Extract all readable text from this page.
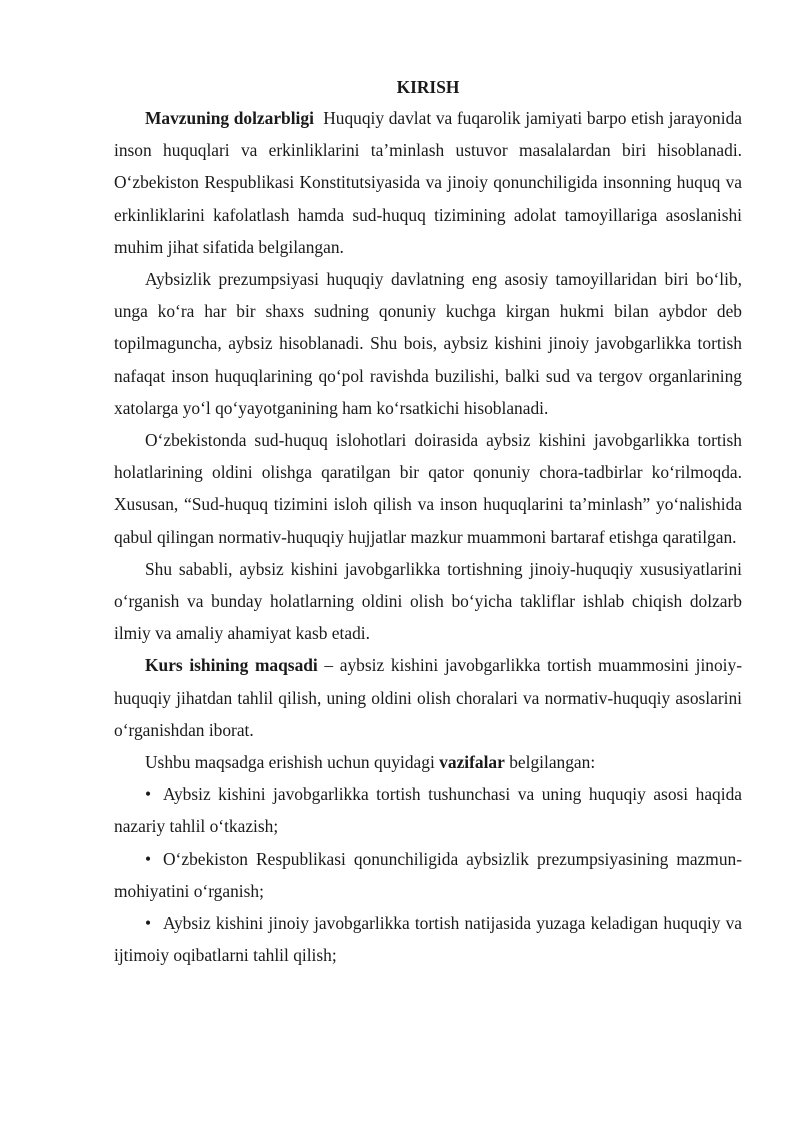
KIRISH

Mavzuning dolzarbligi Huquqiy davlat va fuqarolik jamiyati barpo etish jarayonida inson huquqlari va erkinliklarini ta’minlash ustuvor masalalardan biri hisoblanadi. O‘zbekiston Respublikasi Konstitutsiyasida va jinoiy qonunchiligida insonning huquq va erkinliklarini kafolatlash hamda sud-huquq tizimining adolat tamoyillariga asoslanishi muhim jihat sifatida belgilangan.

Aybsizlik prezumpsiyasi huquqiy davlatning eng asosiy tamoyillaridan biri bo‘lib, unga ko‘ra har bir shaxs sudning qonuniy kuchga kirgan hukmi bilan aybdor deb topilmaguncha, aybsiz hisoblanadi. Shu bois, aybsiz kishini jinoiy javobgarlikka tortish nafaqat inson huquqlarining qo‘pol ravishda buzilishi, balki sud va tergov organlarining xatolarga yo‘l qo‘yayotganining ham ko‘rsatkichi hisoblanadi.

O‘zbekistonda sud-huquq islohotlari doirasida aybsiz kishini javobgarlikka tortish holatlarining oldini olishga qaratilgan bir qator qonuniy chora-tadbirlar ko‘rilmoqda. Xususan, “Sud-huquq tizimini isloh qilish va inson huquqlarini ta’minlash” yo‘nalishida qabul qilingan normativ-huquqiy hujjatlar mazkur muammoni bartaraf etishga qaratilgan.

Shu sababli, aybsiz kishini javobgarlikka tortishning jinoiy-huquqiy xususiyatlarini o‘rganish va bunday holatlarning oldini olish bo‘yicha takliflar ishlab chiqish dolzarb ilmiy va amaliy ahamiyat kasb etadi.

Kurs ishining maqsadi – aybsiz kishini javobgarlikka tortish muammosini jinoiy-huquqiy jihatdan tahlil qilish, uning oldini olish choralari va normativ-huquqiy asoslarini o‘rganishdan iborat.

Ushbu maqsadga erishish uchun quyidagi vazifalar belgilangan:

• Aybsiz kishini javobgarlikka tortish tushunchasi va uning huquqiy asosi haqida nazariy tahlil o‘tkazish;

• O‘zbekiston Respublikasi qonunchiligida aybsizlik prezumpsiyasining mazmun-mohiyatini o‘rganish;

• Aybsiz kishini jinoiy javobgarlikka tortish natijasida yuzaga keladigan huquqiy va ijtimoiy oqibatlarni tahlil qilish;
